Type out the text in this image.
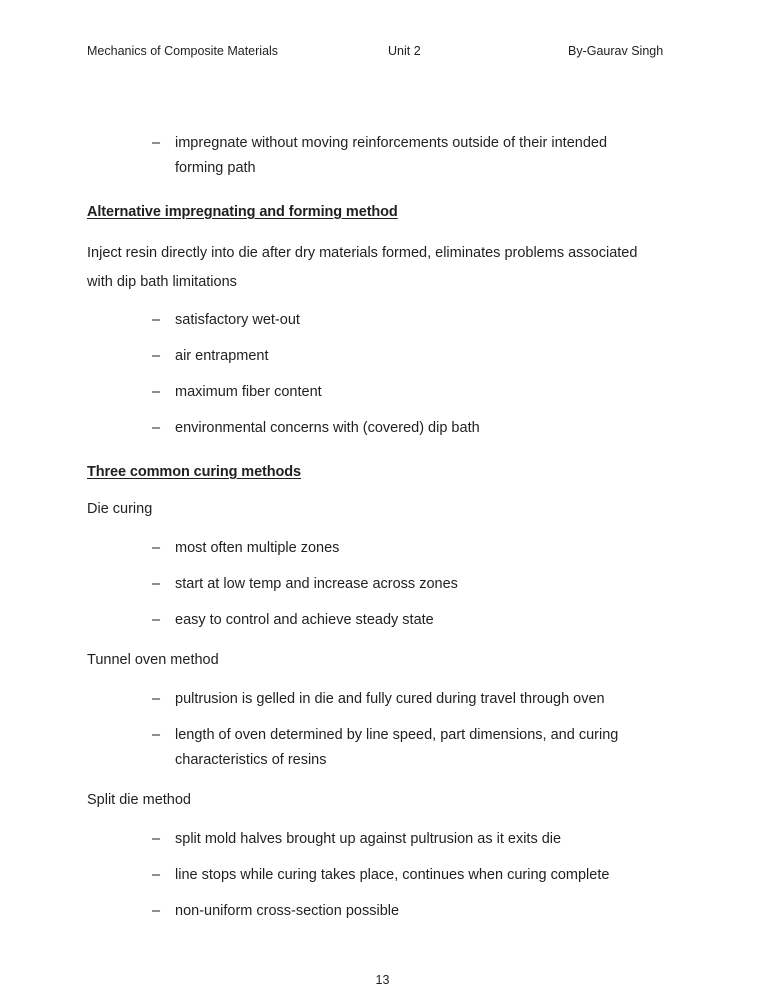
Mechanics of Composite Materials	Unit 2	By-Gaurav Singh
–	impregnate without moving reinforcements outside of their intended forming path
Alternative impregnating and forming method
Inject resin directly into die after dry materials formed, eliminates problems associated with dip bath limitations
–	satisfactory wet-out
–	air entrapment
–	maximum fiber content
–	environmental concerns with (covered) dip bath
Three common curing methods
Die curing
–	most often multiple zones
–	start at low temp and increase across zones
–	easy to control and achieve steady state
Tunnel oven method
–	pultrusion is gelled in die and fully cured during travel through oven
–	length of oven determined by line speed, part dimensions, and curing characteristics of resins
Split die method
–	split mold halves brought up against pultrusion as it exits die
–	line stops while curing takes place, continues when curing complete
–	non-uniform cross-section possible
13
